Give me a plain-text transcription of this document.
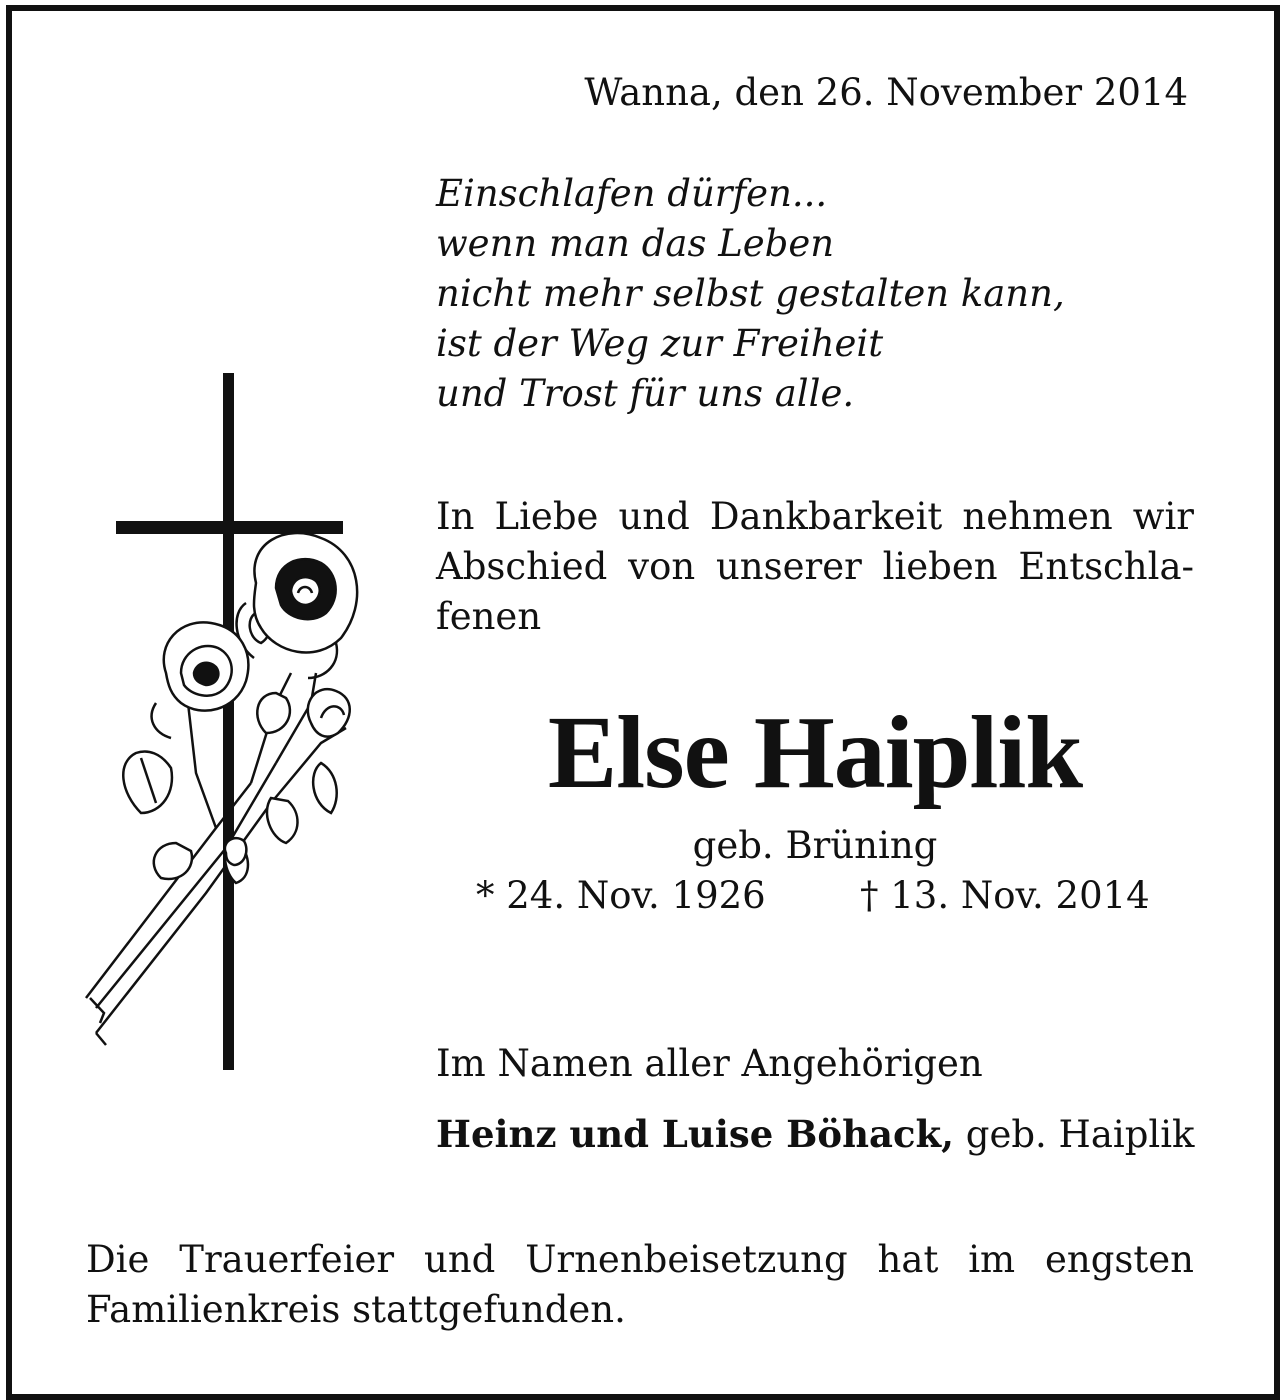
Wanna, den 26. November 2014
Einschlafen dürfen...
wenn man das Leben
nicht mehr selbst gestalten kann,
ist der Weg zur Freiheit
und Trost für uns alle.
In Liebe und Dankbarkeit nehmen wir
Abschied von unserer lieben Entschla-
fenen
Else Haiplik
geb. Brüning
* 24. Nov. 1926	† 13. Nov. 2014
Im Namen aller Angehörigen
Heinz und Luise Böhack, geb. Haiplik
Die Trauerfeier und Urnenbeisetzung hat im engsten Familienkreis stattgefunden.
